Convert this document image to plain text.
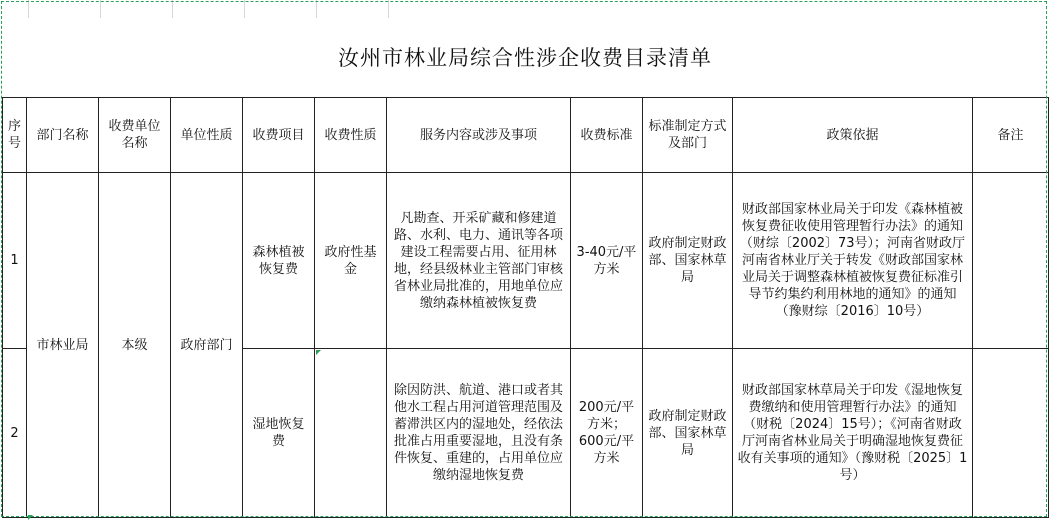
汝州市林业局综合性涉企收费目录清单
序号	部门名称	收费单位名称	单位性质	收费项目	收费性质	服务内容或涉及事项	收费标准	标准制定方式及部门	政策依据	备注
1	市林业局	本级	政府部门	森林植被恢复费	政府性基金	凡勘查、开采矿藏和修建道路、水利、电力、通讯等各项建设工程需要占用、征用林地，经县级林业主管部门审核省林业局批准的，用地单位应缴纳森林植被恢复费	3-40元/平方米	政府制定财政部、国家林草局	财政部国家林业局关于印发《森林植被恢复费征收使用管理暂行办法》的通知（财综〔2002〕73号）；河南省财政厅河南省林业厅关于转发《财政部国家林业局关于调整森林植被恢复费征标准引导节约集约利用林地的通知》的通知（豫财综〔2016〕10号）	
2				湿地恢复费		除因防洪、航道、港口或者其他水工程占用河道管理范围及蓄滞洪区内的湿地处，经依法批准占用重要湿地，且没有条件恢复、重建的，占用单位应缴纳湿地恢复费	200元/平方米；600元/平方米	政府制定财政部、国家林草局	财政部国家林草局关于印发《湿地恢复费缴纳和使用管理暂行办法》的通知（财税〔2024〕15号）；《河南省财政厅河南省林业局关于明确湿地恢复费征收有关事项的通知》（豫财税〔2025〕1号）	
